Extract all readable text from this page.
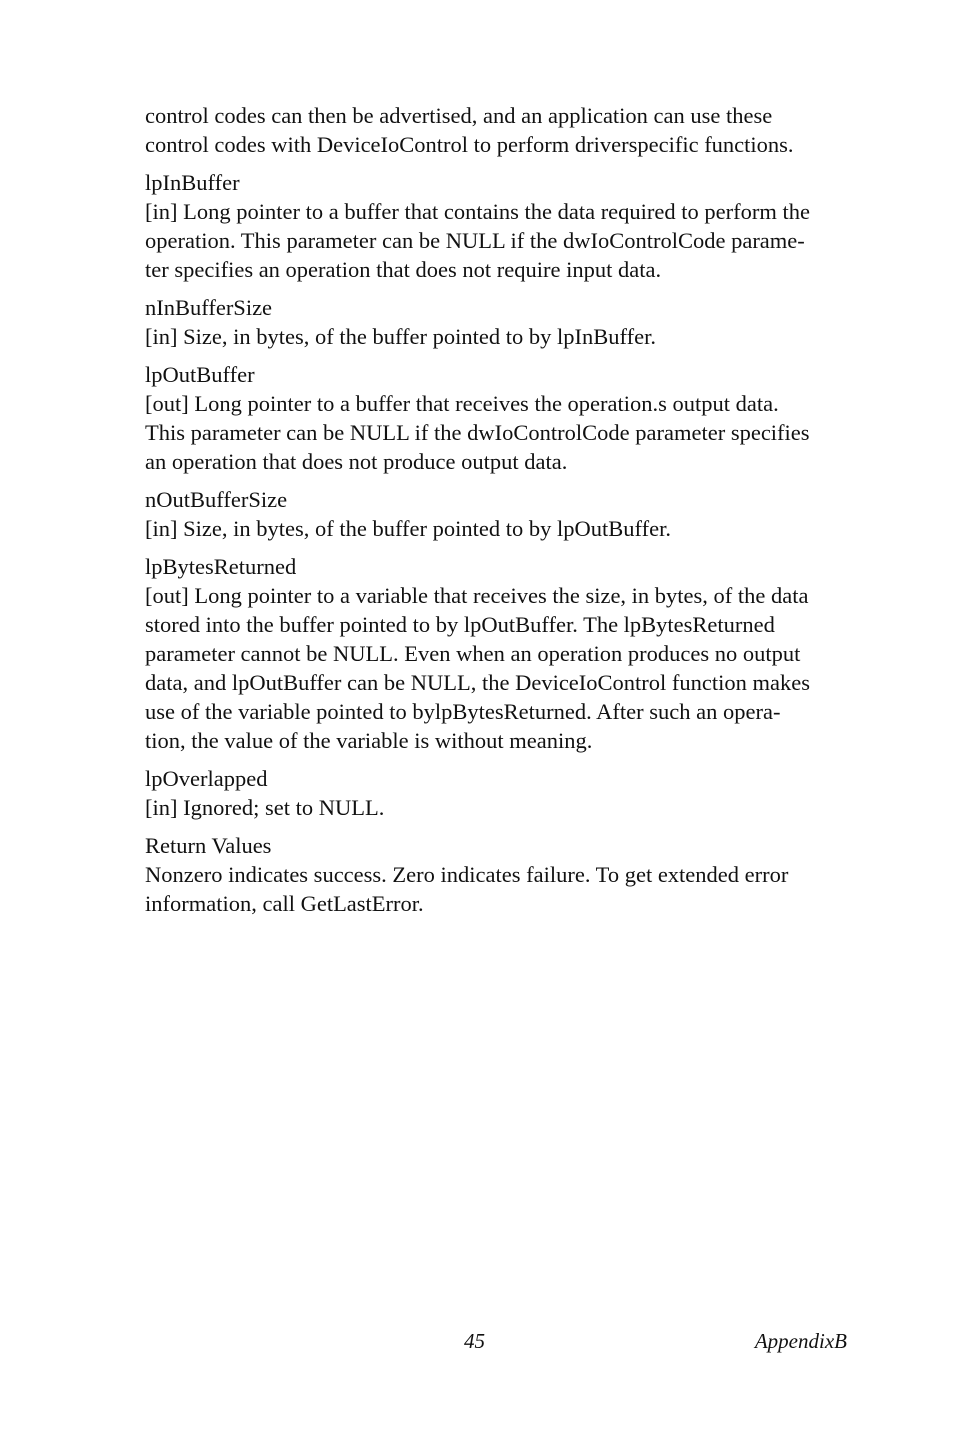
control codes can then be advertised, and an application can use these
control codes with DeviceIoControl to perform driverspecific functions.

lpInBuffer
[in] Long pointer to a buffer that contains the data required to perform the
operation. This parameter can be NULL if the dwIoControlCode parame-
ter specifies an operation that does not require input data.

nInBufferSize
[in] Size, in bytes, of the buffer pointed to by lpInBuffer.

lpOutBuffer
[out] Long pointer to a buffer that receives the operation.s output data.
This parameter can be NULL if the dwIoControlCode parameter specifies
an operation that does not produce output data.

nOutBufferSize
[in] Size, in bytes, of the buffer pointed to by lpOutBuffer.

lpBytesReturned
[out] Long pointer to a variable that receives the size, in bytes, of the data
stored into the buffer pointed to by lpOutBuffer. The lpBytesReturned
parameter cannot be NULL. Even when an operation produces no output
data, and lpOutBuffer can be NULL, the DeviceIoControl function makes
use of the variable pointed to bylpBytesReturned. After such an opera-
tion, the value of the variable is without meaning.

lpOverlapped
[in] Ignored; set to NULL.

Return Values
Nonzero indicates success. Zero indicates failure. To get extended error
information, call GetLastError.

45	AppendixB
